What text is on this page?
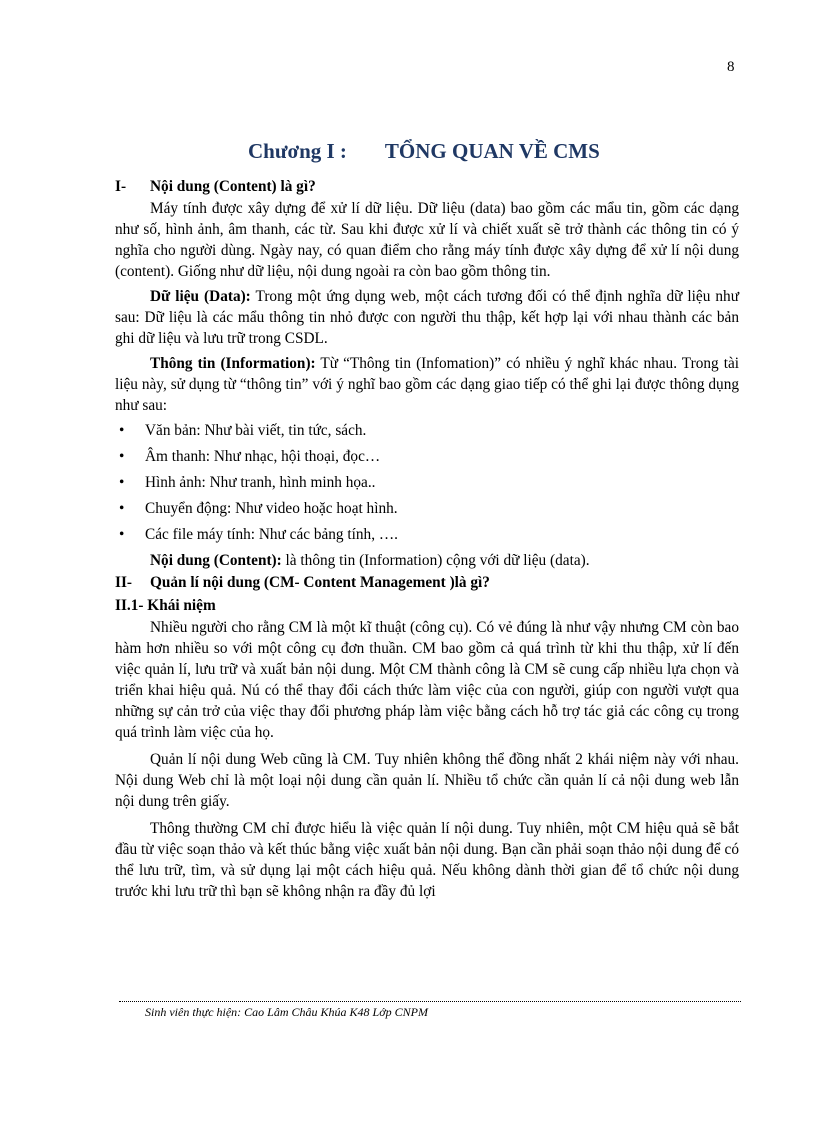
8
Chương I : TỔNG QUAN VỀ CMS
I-	Nội dung (Content) là gì?

Máy tính được xây dựng để xử lí dữ liệu. Dữ liệu (data) bao gồm các mẩu tin, gồm các dạng như số, hình ảnh, âm thanh, các từ. Sau khi được xử lí và chiết xuất sẽ trở thành các thông tin có ý nghĩa cho người dùng. Ngày nay, có quan điểm cho rằng máy tính được xây dựng để xử lí nội dung (content). Giống như dữ liệu, nội dung ngoài ra còn bao gồm thông tin.

Dữ liệu (Data): Trong một ứng dụng web, một cách tương đối có thể định nghĩa dữ liệu như sau: Dữ liệu là các mẩu thông tin nhỏ được con người thu thập, kết hợp lại với nhau thành các bản ghi dữ liệu và lưu trữ trong CSDL.

Thông tin (Information): Từ “Thông tin (Infomation)” có nhiều ý nghĩ khác nhau. Trong tài liệu này, sử dụng từ “thông tin” với ý nghĩ bao gồm các dạng giao tiếp có thể ghi lại được thông dụng như sau:

•	Văn bản: Như bài viết, tin tức, sách.
•	Âm thanh: Như nhạc, hội thoại, đọc…
•	Hình ảnh: Như tranh, hình minh họa..
•	Chuyển động: Như video hoặc hoạt hình.
•	Các file máy tính: Như các bảng tính, ….

Nội dung (Content): là thông tin (Information) cộng với dữ liệu (data).

II-	Quản lí nội dung (CM- Content Management )là gì?
II.1- Khái niệm

Nhiều người cho rằng CM là một kĩ thuật (công cụ). Có vẻ đúng là như vậy nhưng CM còn bao hàm hơn nhiều so với một công cụ đơn thuần. CM bao gồm cả quá trình từ khi thu thập, xử lí đến việc quản lí, lưu trữ và xuất bản nội dung. Một CM thành công là CM sẽ cung cấp nhiều lựa chọn và triển khai hiệu quả. Nú có thể thay đổi cách thức làm việc của con người, giúp con người vượt qua những sự cản trở của việc thay đổi phương pháp làm việc bằng cách hỗ trợ tác giả các công cụ trong quá trình làm việc của họ.

Quản lí nội dung Web cũng là CM. Tuy nhiên không thể đồng nhất 2 khái niệm này với nhau. Nội dung Web chỉ là một loại nội dung cần quản lí. Nhiều tổ chức cần quản lí cả nội dung web lẫn nội dung trên giấy.

Thông thường CM chỉ được hiểu là việc quản lí nội dung. Tuy nhiên, một CM hiệu quả sẽ bắt đầu từ việc soạn thảo và kết thúc bằng việc xuất bản nội dung. Bạn cần phải soạn thảo nội dung để có thể lưu trữ, tìm, và sử dụng lại một cách hiệu quả. Nếu không dành thời gian để tổ chức nội dung trước khi lưu trữ thì bạn sẽ không nhận ra đầy đủ lợi

Sinh viên thực hiện: Cao Lâm Châu Khúa K48 Lớp CNPM
